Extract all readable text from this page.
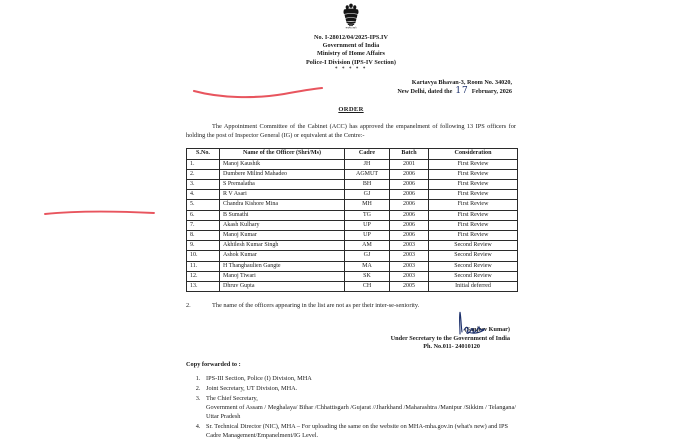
सत्यमेव जयते
No. I-28012/04/2025-IPS.IV
Government of India
Ministry of Home Affairs
Police-I Division (IPS-IV Section)
* * * * *
Kartavya Bhavan-3, Room No. 34020,
New Delhi, dated the 17 February, 2026
ORDER
The Appointment Committee of the Cabinet (ACC) has approved the empanelment of following 13 IPS officers for holding the post of Inspector General (IG) or equivalent at the Centre:-
S.No.	Name of the Officer (Shri/Ms)	Cadre	Batch	Consideration
1.	Manoj Kaushik	JH	2001	First Review
2.	Dumbere Milind Mahadeo	AGMUT	2006	First Review
3.	S Premalatha	BH	2006	First Review
4.	R V Asari	GJ	2006	First Review
5.	Chandra Kishore Mina	MH	2006	First Review
6.	B Sumathi	TG	2006	First Review
7.	Akash Kulhary	UP	2006	First Review
8.	Manoj Kumar	UP	2006	First Review
9.	Akhilesh Kumar Singh	AM	2003	Second Review
10.	Ashok Kumar	GJ	2003	Second Review
11.	H Thanghaulien Gangte	MA	2003	Second Review
12.	Manoj Tiwari	SK	2003	Second Review
13.	Dhruv Gupta	CH	2005	Initial deferred
2.	The name of the officers appearing in the list are not as per their inter-se-seniority.
(Sanjeev Kumar)
Under Secretary to the Government of India
Ph. No.011- 24010120
Copy forwarded to :
1. IPS-III Section, Police (I) Division, MHA
2. Joint Secretary, UT Division, MHA.
3. The Chief Secretary,
Government of Assam / Meghalaya/ Bihar /Chhattisgarh /Gujarat //Jharkhand /Maharashtra /Manipur /Sikkim / Telangana/ Uttar Pradesh
4. Sr. Technical Director (NIC), MHA – For uploading the same on the website on MHA-mha.gov.in (what's new) and IPS Cadre Management/Empanelment/IG Level.
